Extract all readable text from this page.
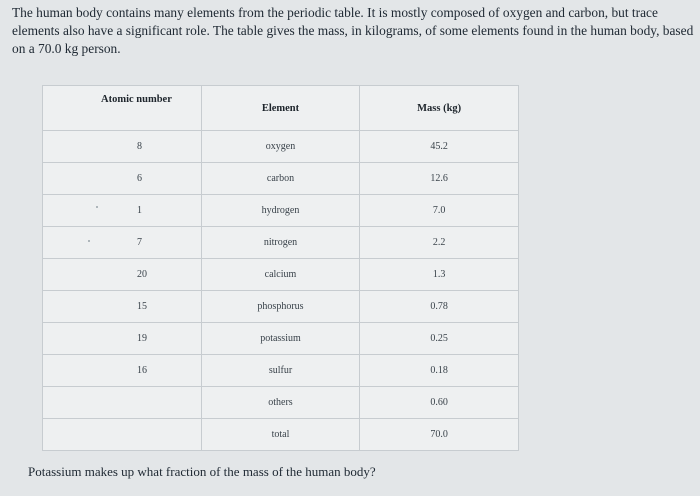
The human body contains many elements from the periodic table. It is mostly composed of oxygen and carbon, but trace elements also have a significant role. The table gives the mass, in kilograms, of some elements found in the human body, based on a 70.0 kg person.
Atomic number	Element	Mass (kg)
8	oxygen	45.2
6	carbon	12.6
1	hydrogen	7.0
7	nitrogen	2.2
20	calcium	1.3
15	phosphorus	0.78
19	potassium	0.25
16	sulfur	0.18
	others	0.60
	total	70.0
Potassium makes up what fraction of the mass of the human body?
